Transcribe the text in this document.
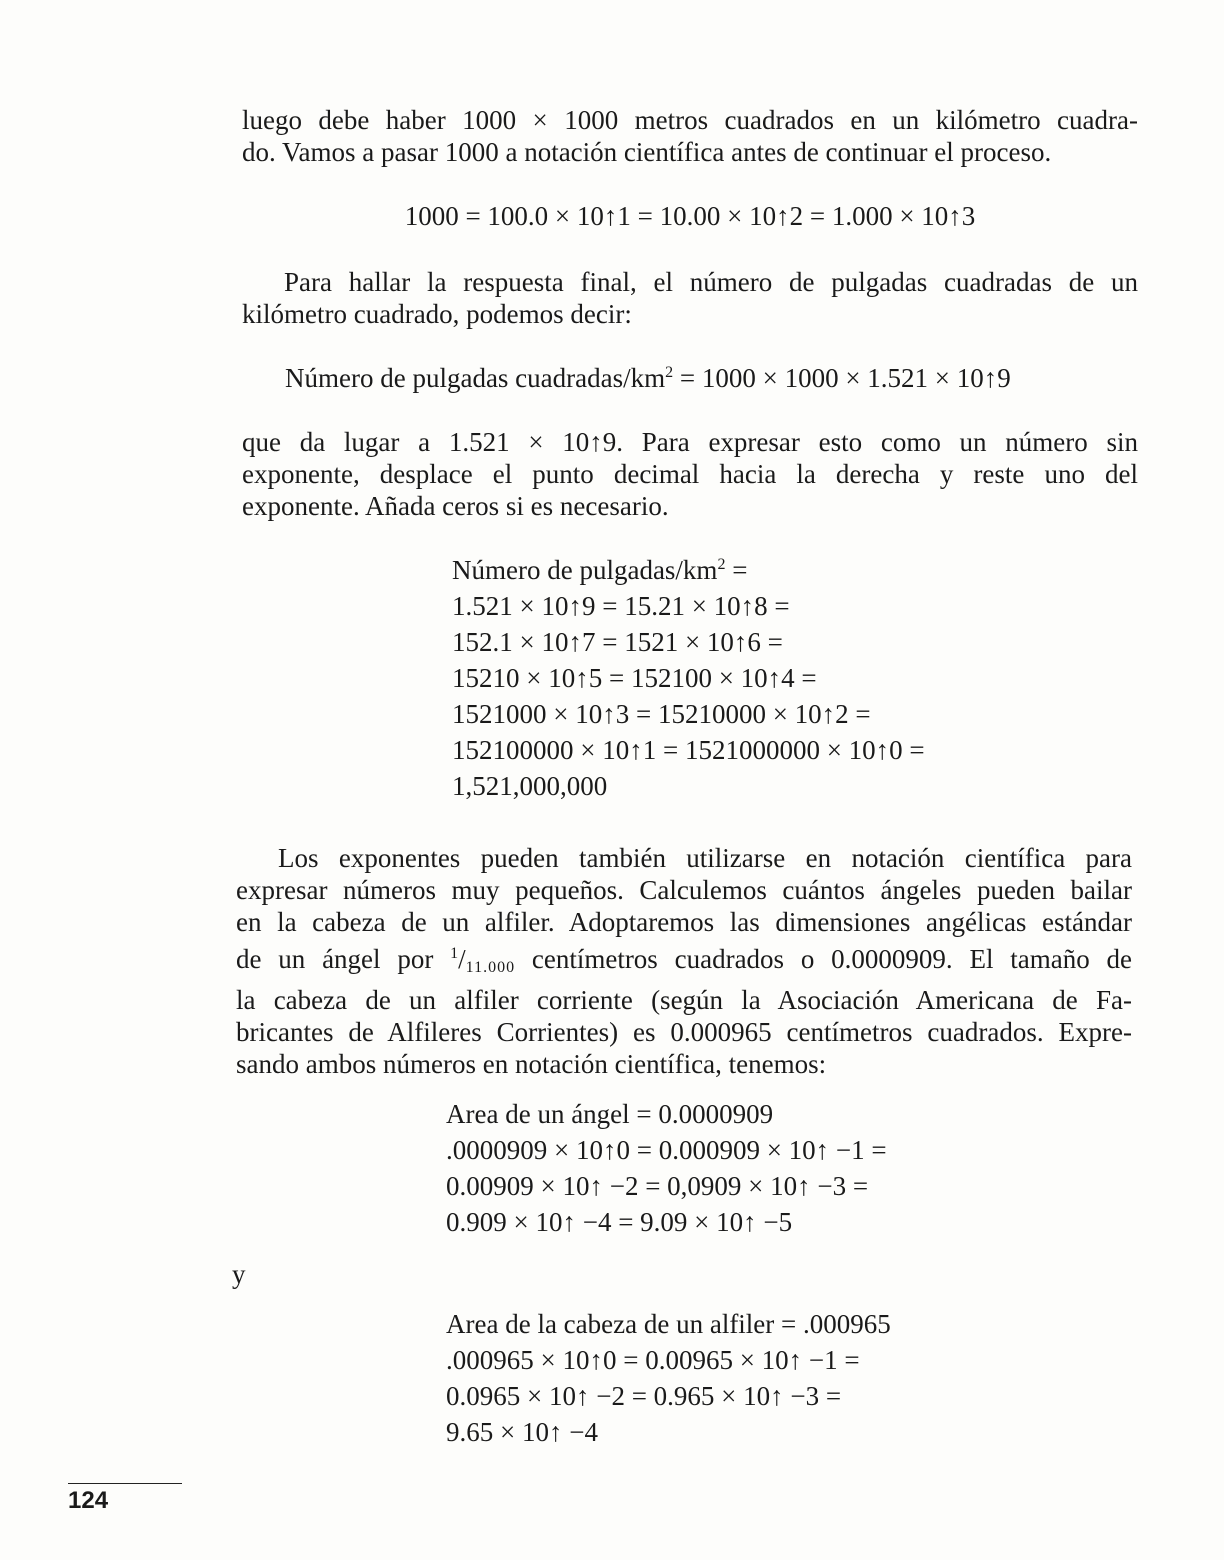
luego debe haber 1000 × 1000 metros cuadrados en un kilómetro cuadra-
do. Vamos a pasar 1000 a notación científica antes de continuar el proceso.
1000 = 100.0 × 10↑1 = 10.00 × 10↑2 = 1.000 × 10↑3
Para hallar la respuesta final, el número de pulgadas cuadradas de un
kilómetro cuadrado, podemos decir:
Número de pulgadas cuadradas/$km^2 = 1000 \times 1000 \times 1.521$ × 10↑9
que da lugar a 1.521 × 10↑9. Para expresar esto como un número sin
exponente, desplace el punto decimal hacia la derecha y reste uno del
exponente. Añada ceros si es necesario.
Número de pulgadas/$km^2$ =
1.521 × 10↑9 = 15.21 × 10↑8 =
152.1 × 10↑7 = 1521 × 10↑6 =
15210 × 10↑5 = 152100 × 10↑4 =
1521000 × 10↑3 = 15210000 × 10↑2 =
152100000 × 10↑1 = 1521000000 × 10↑0 =
1,521,000,000
Los exponentes pueden también utilizarse en notación científica para
expresar números muy pequeños. Calculemos cuántos ángeles pueden bailar
en la cabeza de un alfiler. Adoptaremos las dimensiones angélicas estándar
de un ángel por $^1$/11.000 centímetros cuadrados o 0.0000909. El tamaño de
la cabeza de un alfiler corriente (según la Asociación Americana de Fa-
bricantes de Alfileres Corrientes) es 0.000965 centímetros cuadrados. Expre-
sando ambos números en notación científica, tenemos:
Area de un ángel = 0.0000909
.0000909 × 10↑0 = 0.000909 × 10↑ −1 =
0.00909 × 10↑ −2 = 0,0909 × 10↑ −3 =
0.909 × 10↑ −4 = 9.09 × 10↑ −5
y
Area de la cabeza de un alfiler = .000965
.000965 × 10↑0 = 0.00965 × 10↑ −1 =
0.0965 × 10↑ −2 = 0.965 × 10↑ −3 =
9.65 × 10↑ −4
124
